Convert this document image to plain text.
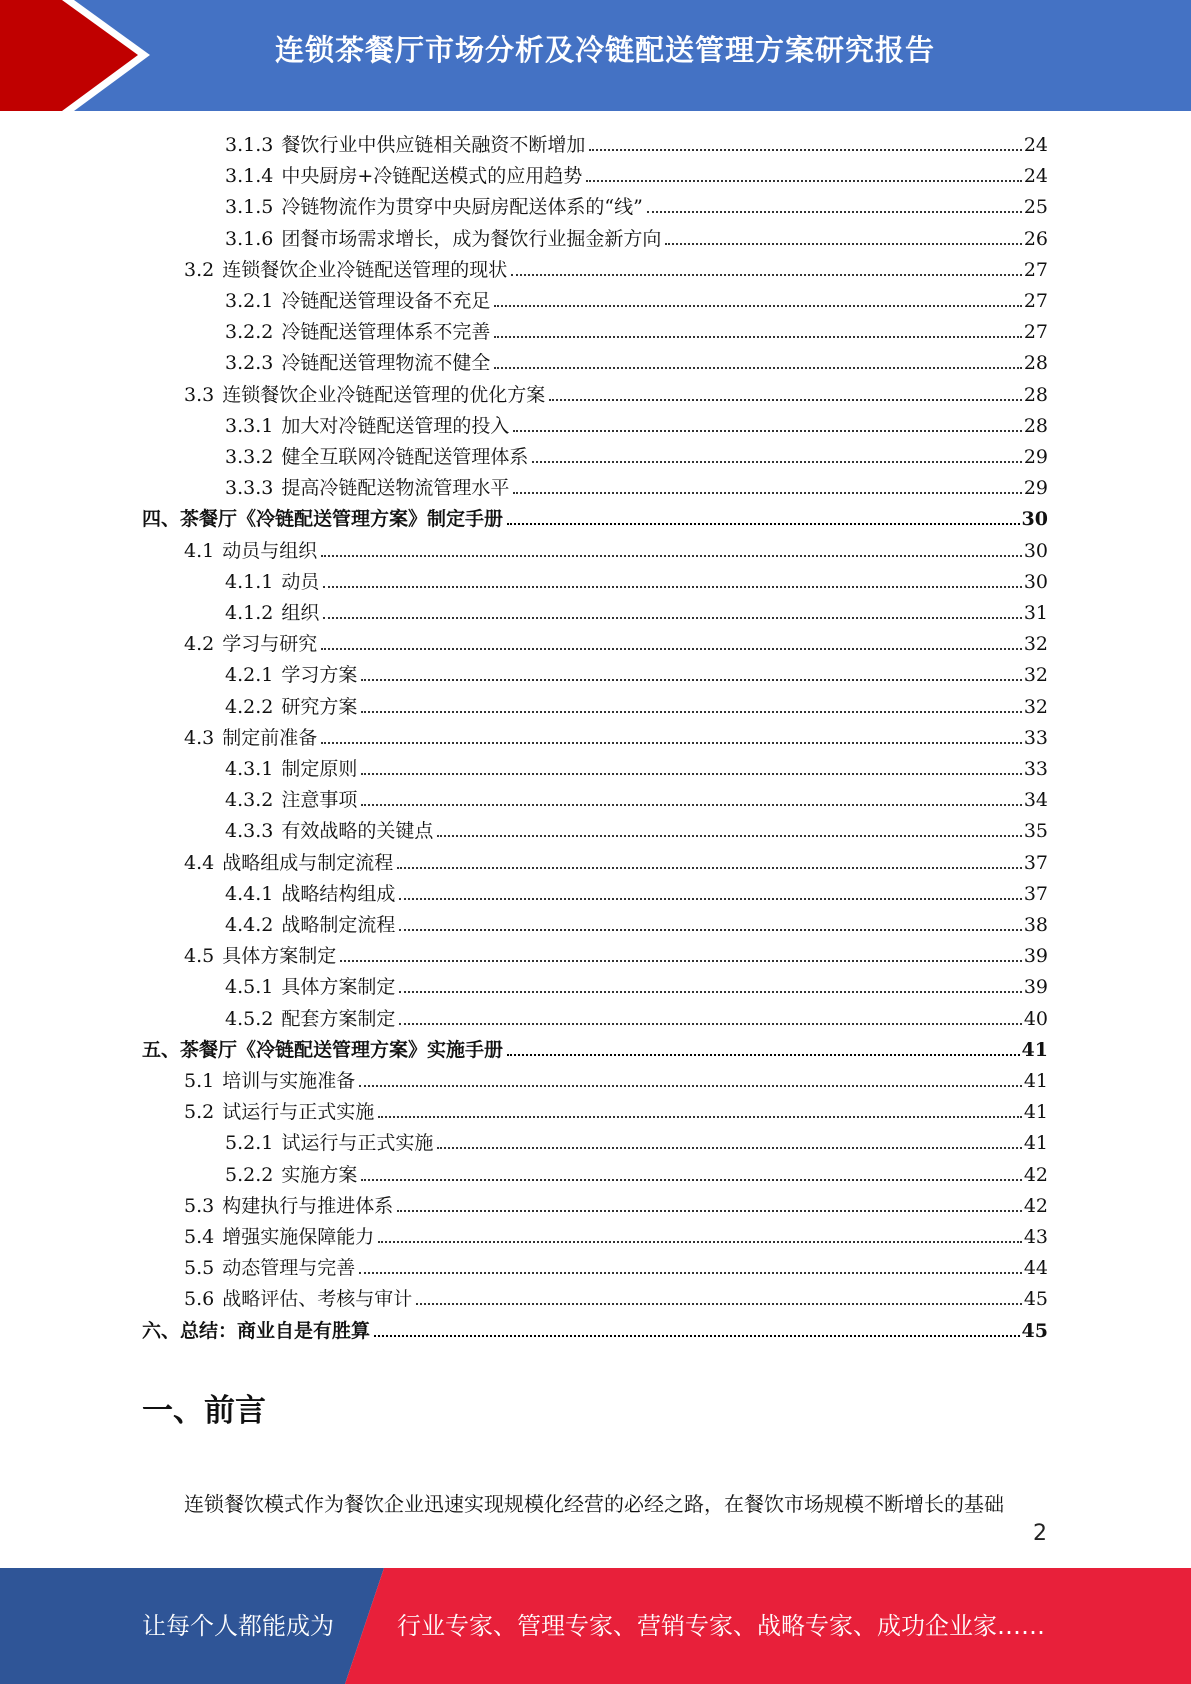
连锁茶餐厅市场分析及冷链配送管理方案研究报告
3.1.3 餐饮行业中供应链相关融资不断增加	24
3.1.4 中央厨房+冷链配送模式的应用趋势	24
3.1.5 冷链物流作为贯穿中央厨房配送体系的“线”	25
3.1.6 团餐市场需求增长，成为餐饮行业掘金新方向	26
3.2 连锁餐饮企业冷链配送管理的现状	27
3.2.1 冷链配送管理设备不充足	27
3.2.2 冷链配送管理体系不完善	27
3.2.3 冷链配送管理物流不健全	28
3.3 连锁餐饮企业冷链配送管理的优化方案	28
3.3.1 加大对冷链配送管理的投入	28
3.3.2 健全互联网冷链配送管理体系	29
3.3.3 提高冷链配送物流管理水平	29
四、茶餐厅《冷链配送管理方案》制定手册	30
4.1 动员与组织	30
4.1.1 动员	30
4.1.2 组织	31
4.2 学习与研究	32
4.2.1 学习方案	32
4.2.2 研究方案	32
4.3 制定前准备	33
4.3.1 制定原则	33
4.3.2 注意事项	34
4.3.3 有效战略的关键点	35
4.4 战略组成与制定流程	37
4.4.1 战略结构组成	37
4.4.2 战略制定流程	38
4.5 具体方案制定	39
4.5.1 具体方案制定	39
4.5.2 配套方案制定	40
五、茶餐厅《冷链配送管理方案》实施手册	41
5.1 培训与实施准备	41
5.2 试运行与正式实施	41
5.2.1 试运行与正式实施	41
5.2.2 实施方案	42
5.3 构建执行与推进体系	42
5.4 增强实施保障能力	43
5.5 动态管理与完善	44
5.6 战略评估、考核与审计	45
六、总结：商业自是有胜算	45
一、前言
连锁餐饮模式作为餐饮企业迅速实现规模化经营的必经之路，在餐饮市场规模不断增长的基础
2
让每个人都能成为	行业专家、管理专家、营销专家、战略专家、成功企业家……
